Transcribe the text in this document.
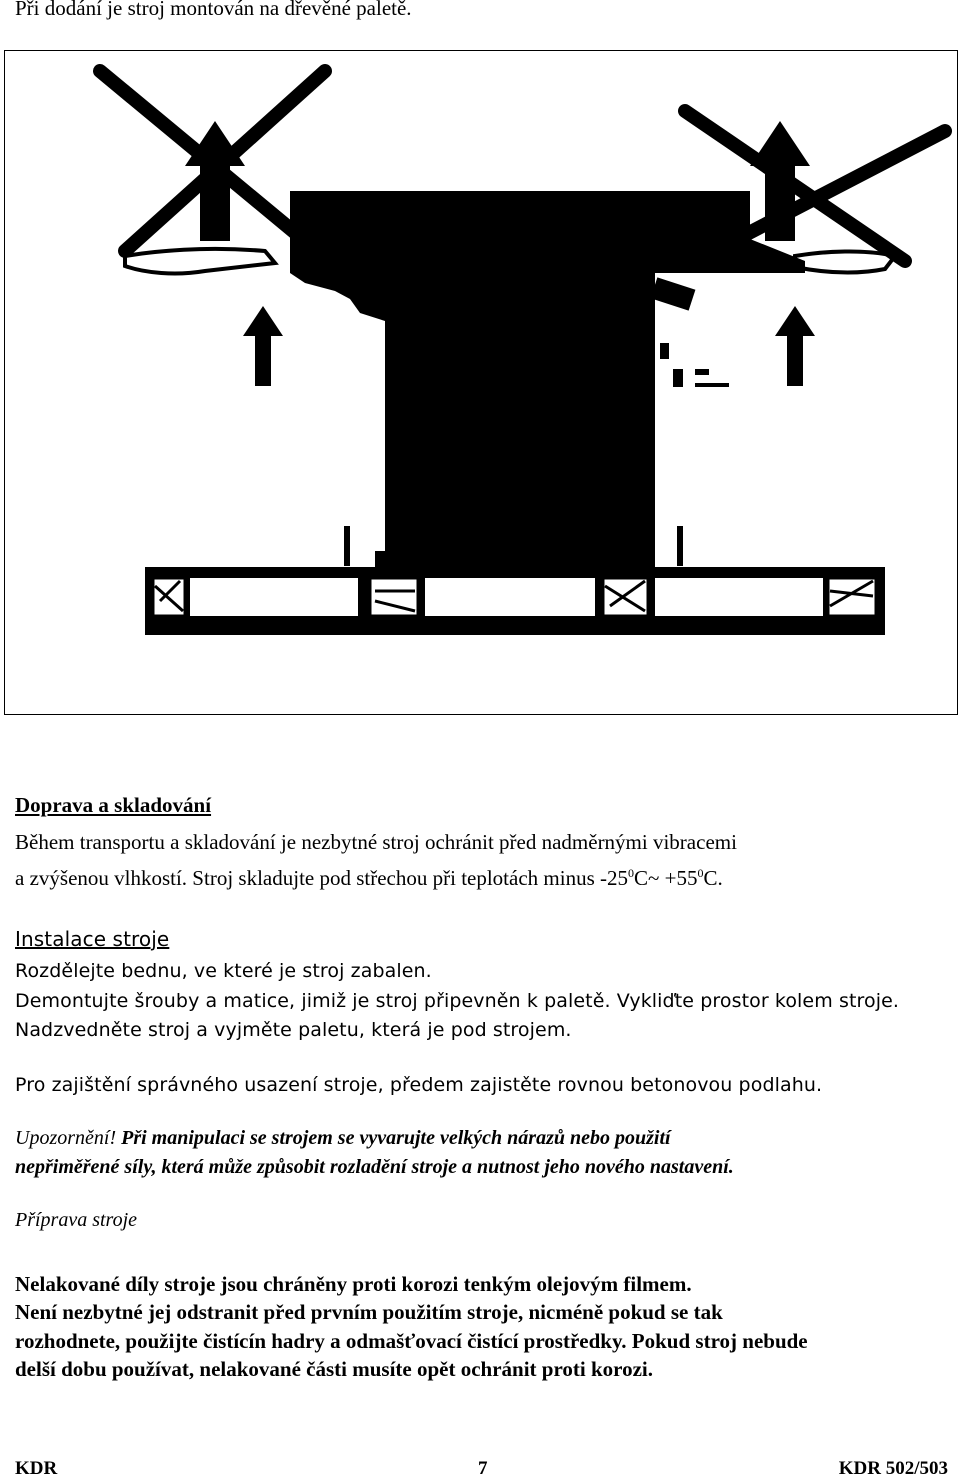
Při dodání je stroj montován na dřevěné paletě.
Doprava a skladování
Během transportu a skladování je nezbytné stroj ochránit před nadměrnými vibracemi
a zvýšenou vlhkostí. Stroj skladujte pod střechou při teplotách minus $-25^0C\sim +55^0C$.
Instalace stroje
Rozdělejte bednu, ve které je stroj zabalen.
Demontujte šrouby a matice, jimiž je stroj připevněn k paletě. Vykliďte prostor kolem stroje.
Nadzvedněte stroj a vyjměte paletu, která je pod strojem.
Pro zajištění správného usazení stroje, předem zajistěte rovnou betonovou podlahu.
Upozornění! Při manipulaci se strojem se vyvarujte velkých nárazů nebo použití
nepřiměřené síly, která může způsobit rozladění stroje a nutnost jeho nového nastavení.
Příprava stroje
Nelakované díly stroje jsou chráněny proti korozi tenkým olejovým filmem.
Není nezbytné jej odstranit před prvním použitím stroje, nicméně pokud se tak
rozhodnete, použijte čistícín hadry a odmašťovací čistící prostředky. Pokud stroj nebude
delší dobu používat, nelakované části musíte opět ochránit proti korozi.
KDR	7	KDR 502/503
